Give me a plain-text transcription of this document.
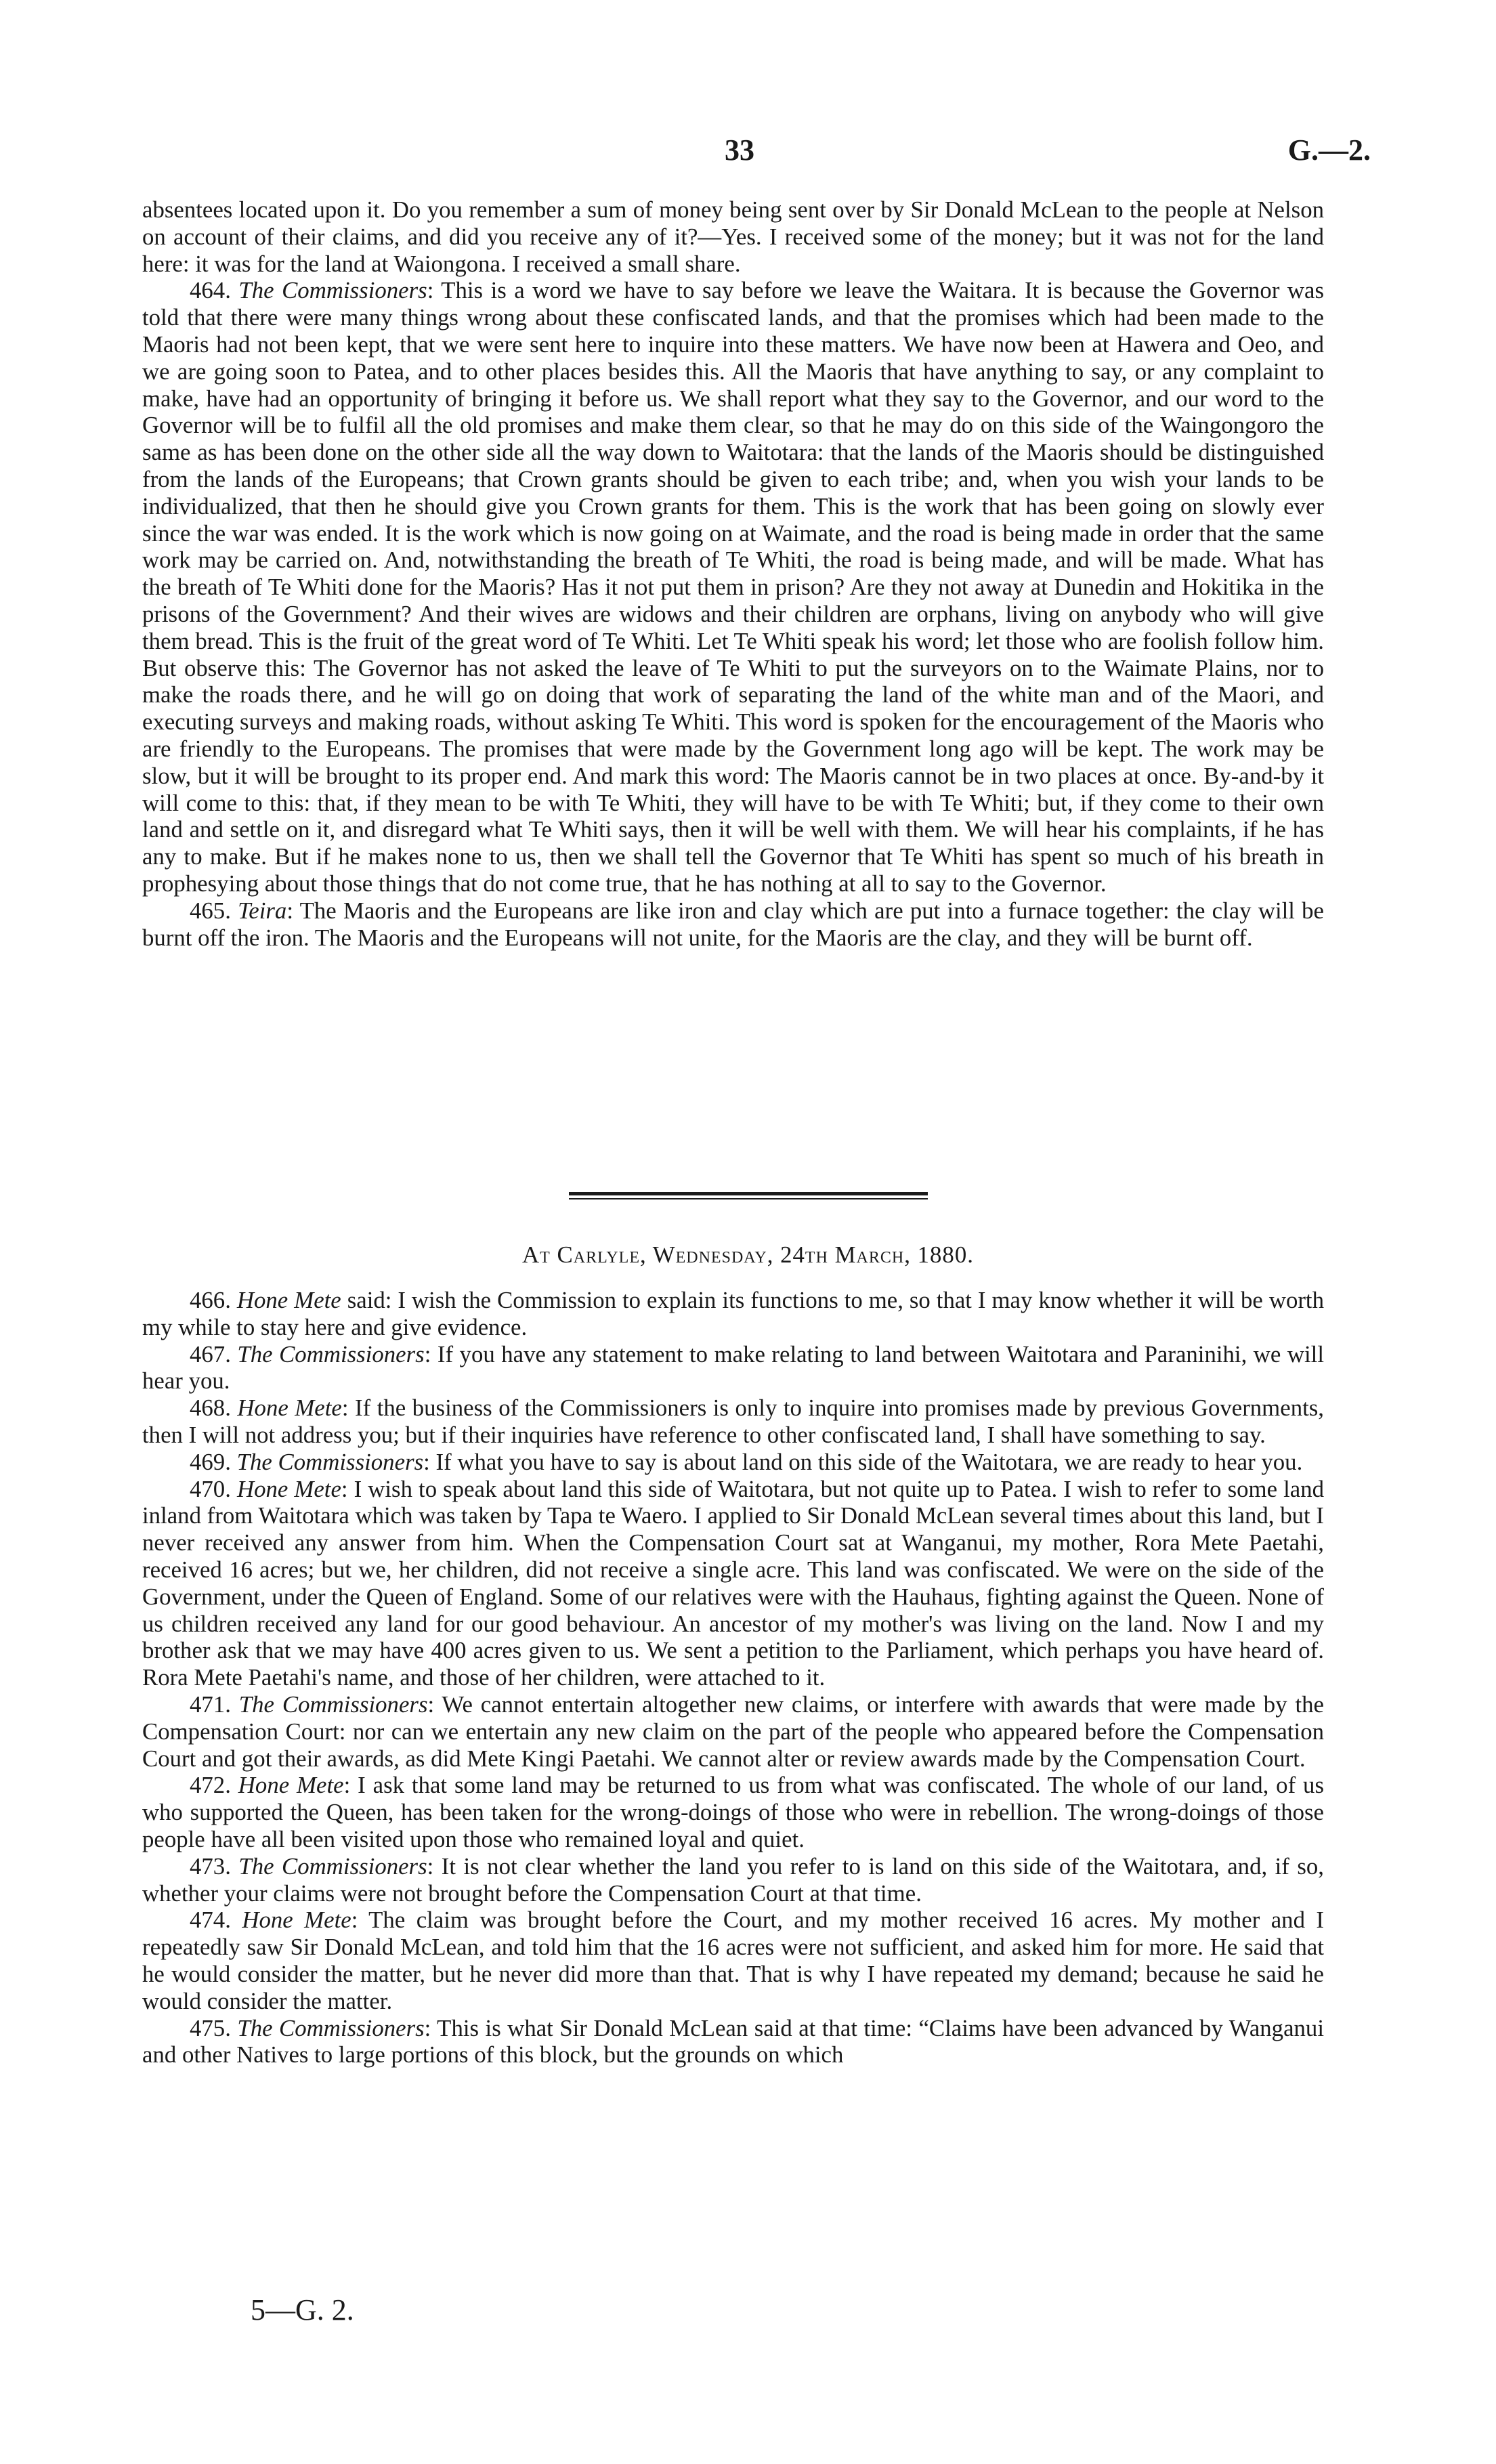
33	G.—2.

absentees located upon it. Do you remember a sum of money being sent over by Sir Donald McLean to the people at Nelson on account of their claims, and did you receive any of it?—Yes. I received some of the money; but it was not for the land here: it was for the land at Waiongona. I received a small share.

464. The Commissioners: This is a word we have to say before we leave the Waitara. It is because the Governor was told that there were many things wrong about these confiscated lands, and that the promises which had been made to the Maoris had not been kept, that we were sent here to inquire into these matters. We have now been at Hawera and Oeo, and we are going soon to Patea, and to other places besides this. All the Maoris that have anything to say, or any complaint to make, have had an opportunity of bringing it before us. We shall report what they say to the Governor, and our word to the Governor will be to fulfil all the old promises and make them clear, so that he may do on this side of the Waingongoro the same as has been done on the other side all the way down to Waitotara: that the lands of the Maoris should be distinguished from the lands of the Europeans; that Crown grants should be given to each tribe; and, when you wish your lands to be individualized, that then he should give you Crown grants for them. This is the work that has been going on slowly ever since the war was ended. It is the work which is now going on at Waimate, and the road is being made in order that the same work may be carried on. And, notwithstanding the breath of Te Whiti, the road is being made, and will be made. What has the breath of Te Whiti done for the Maoris? Has it not put them in prison? Are they not away at Dunedin and Hokitika in the prisons of the Government? And their wives are widows and their children are orphans, living on anybody who will give them bread. This is the fruit of the great word of Te Whiti. Let Te Whiti speak his word; let those who are foolish follow him. But observe this: The Governor has not asked the leave of Te Whiti to put the surveyors on to the Waimate Plains, nor to make the roads there, and he will go on doing that work of separating the land of the white man and of the Maori, and executing surveys and making roads, without asking Te Whiti. This word is spoken for the encouragement of the Maoris who are friendly to the Europeans. The promises that were made by the Government long ago will be kept. The work may be slow, but it will be brought to its proper end. And mark this word: The Maoris cannot be in two places at once. By-and-by it will come to this: that, if they mean to be with Te Whiti, they will have to be with Te Whiti; but, if they come to their own land and settle on it, and disregard what Te Whiti says, then it will be well with them. We will hear his complaints, if he has any to make. But if he makes none to us, then we shall tell the Governor that Te Whiti has spent so much of his breath in prophesying about those things that do not come true, that he has nothing at all to say to the Governor.

465. Teira: The Maoris and the Europeans are like iron and clay which are put into a furnace together: the clay will be burnt off the iron. The Maoris and the Europeans will not unite, for the Maoris are the clay, and they will be burnt off.

At Carlyle, Wednesday, 24th March, 1880.

466. Hone Mete said: I wish the Commission to explain its functions to me, so that I may know whether it will be worth my while to stay here and give evidence.

467. The Commissioners: If you have any statement to make relating to land between Waitotara and Paraninihi, we will hear you.

468. Hone Mete: If the business of the Commissioners is only to inquire into promises made by previous Governments, then I will not address you; but if their inquiries have reference to other confiscated land, I shall have something to say.

469. The Commissioners: If what you have to say is about land on this side of the Waitotara, we are ready to hear you.

470. Hone Mete: I wish to speak about land this side of Waitotara, but not quite up to Patea. I wish to refer to some land inland from Waitotara which was taken by Tapa te Waero. I applied to Sir Donald McLean several times about this land, but I never received any answer from him. When the Compensation Court sat at Wanganui, my mother, Rora Mete Paetahi, received 16 acres; but we, her children, did not receive a single acre. This land was confiscated. We were on the side of the Government, under the Queen of England. Some of our relatives were with the Hauhaus, fighting against the Queen. None of us children received any land for our good behaviour. An ancestor of my mother's was living on the land. Now I and my brother ask that we may have 400 acres given to us. We sent a petition to the Parliament, which perhaps you have heard of. Rora Mete Paetahi's name, and those of her children, were attached to it.

471. The Commissioners: We cannot entertain altogether new claims, or interfere with awards that were made by the Compensation Court: nor can we entertain any new claim on the part of the people who appeared before the Compensation Court and got their awards, as did Mete Kingi Paetahi. We cannot alter or review awards made by the Compensation Court.

472. Hone Mete: I ask that some land may be returned to us from what was confiscated. The whole of our land, of us who supported the Queen, has been taken for the wrong-doings of those who were in rebellion. The wrong-doings of those people have all been visited upon those who remained loyal and quiet.

473. The Commissioners: It is not clear whether the land you refer to is land on this side of the Waitotara, and, if so, whether your claims were not brought before the Compensation Court at that time.

474. Hone Mete: The claim was brought before the Court, and my mother received 16 acres. My mother and I repeatedly saw Sir Donald McLean, and told him that the 16 acres were not sufficient, and asked him for more. He said that he would consider the matter, but he never did more than that. That is why I have repeated my demand; because he said he would consider the matter.

475. The Commissioners: This is what Sir Donald McLean said at that time: “Claims have been advanced by Wanganui and other Natives to large portions of this block, but the grounds on which

5—G. 2.
